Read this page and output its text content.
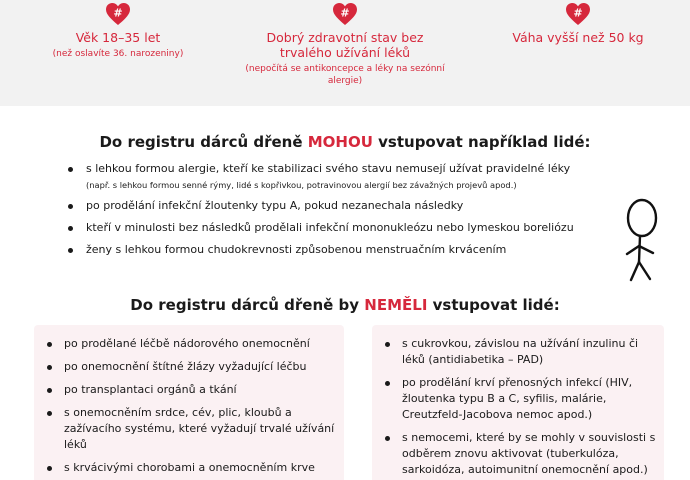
#
Věk 18–35 let
(než oslavíte 36. narozeniny)
#
Dobrý zdravotní stav bez trvalého užívání léků
(nepočítá se antikoncepce a léky na sezónní alergie)
#
Váha vyšší než 50 kg
Do registru dárců dřeně MOHOU vstupovat například lidé:
s lehkou formou alergie, kteří ke stabilizaci svého stavu nemusejí užívat pravidelné léky
(např. s lehkou formou senné rýmy, lidé s kopřivkou, potravinovou alergií bez závažných projevů apod.)
po prodělání infekční žloutenky typu A, pokud nezanechala následky
kteří v minulosti bez následků prodělali infekční mononukleózu nebo lymeskou boreliózu
ženy s lehkou formou chudokrevnosti způsobenou menstruačním krvácením
Do registru dárců dřeně by NEMĚLI vstupovat lidé:
po prodělané léčbě nádorového onemocnění
po onemocnění štítné žlázy vyžadující léčbu
po transplantaci orgánů a tkání
s onemocněním srdce, cév, plic, kloubů a zažívacího systému, které vyžadují trvalé užívání léků
s krvácivými chorobami a onemocněním krve
s cukrovkou, závislou na užívání inzulinu či léků (antidiabetika – PAD)
po prodělání krví přenosných infekcí (HIV, žloutenka typu B a C, syfilis, malárie, Creutzfeld-Jacobova nemoc apod.)
s nemocemi, které by se mohly v souvislosti s odběrem znovu aktivovat (tuberkulóza, sarkoidóza, autoimunitní onemocnění apod.)
